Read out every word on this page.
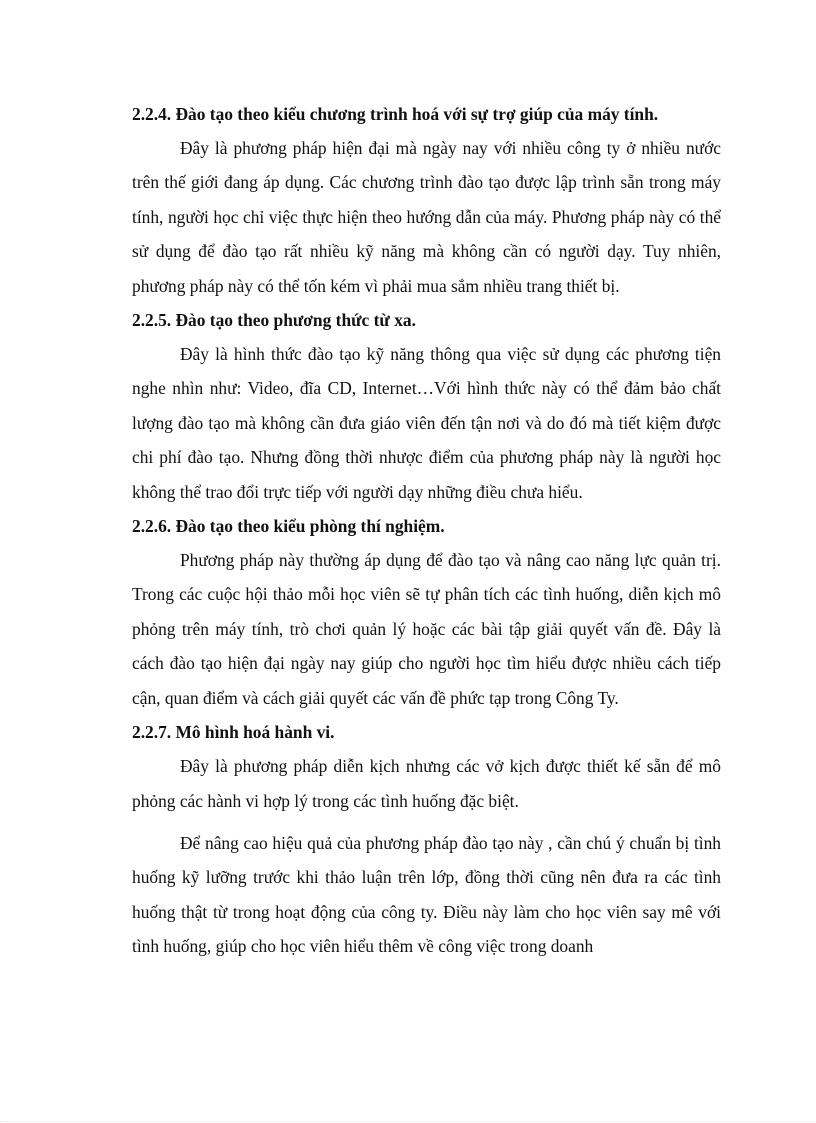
2.2.4. Đào tạo theo kiểu chương trình hoá với sự trợ giúp của máy tính.

Đây là phương pháp hiện đại mà ngày nay với nhiều công ty ở nhiều nước trên thế giới đang áp dụng. Các chương trình đào tạo được lập trình sẵn trong máy tính, người học chỉ việc thực hiện theo hướng dẫn của máy. Phương pháp này có thể sử dụng để đào tạo rất nhiều kỹ năng mà không cần có người dạy. Tuy nhiên, phương pháp này có thể tốn kém vì phải mua sắm nhiều trang thiết bị.

2.2.5. Đào tạo theo phương thức từ xa.

Đây là hình thức đào tạo kỹ năng thông qua việc sử dụng các phương tiện nghe nhìn như: Video, đĩa CD, Internet…Với hình thức này có thể đảm bảo chất lượng đào tạo mà không cần đưa giáo viên đến tận nơi và do đó mà tiết kiệm được chi phí đào tạo. Nhưng đồng thời nhược điểm của phương pháp này là người học không thể trao đổi trực tiếp với người dạy những điều chưa hiểu.

2.2.6. Đào tạo theo kiểu phòng thí nghiệm.

Phương pháp này thường áp dụng để đào tạo và nâng cao năng lực quản trị. Trong các cuộc hội thảo mỗi học viên sẽ tự phân tích các tình huống, diễn kịch mô phỏng trên máy tính, trò chơi quản lý hoặc các bài tập giải quyết vấn đề. Đây là cách đào tạo hiện đại ngày nay giúp cho người học tìm hiểu được nhiều cách tiếp cận, quan điểm và cách giải quyết các vấn đề phức tạp trong Công Ty.

2.2.7. Mô hình hoá hành vi.

Đây là phương pháp diễn kịch nhưng các vở kịch được thiết kế sẵn để mô phỏng các hành vi hợp lý trong các tình huống đặc biệt.

Để nâng cao hiệu quả của phương pháp đào tạo này , cần chú ý chuẩn bị tình huống kỹ lưỡng trước khi thảo luận trên lớp, đồng thời cũng nên đưa ra các tình huống thật từ trong hoạt động của công ty. Điều này làm cho học viên say mê với tình huống, giúp cho học viên hiểu thêm về công việc trong doanh
